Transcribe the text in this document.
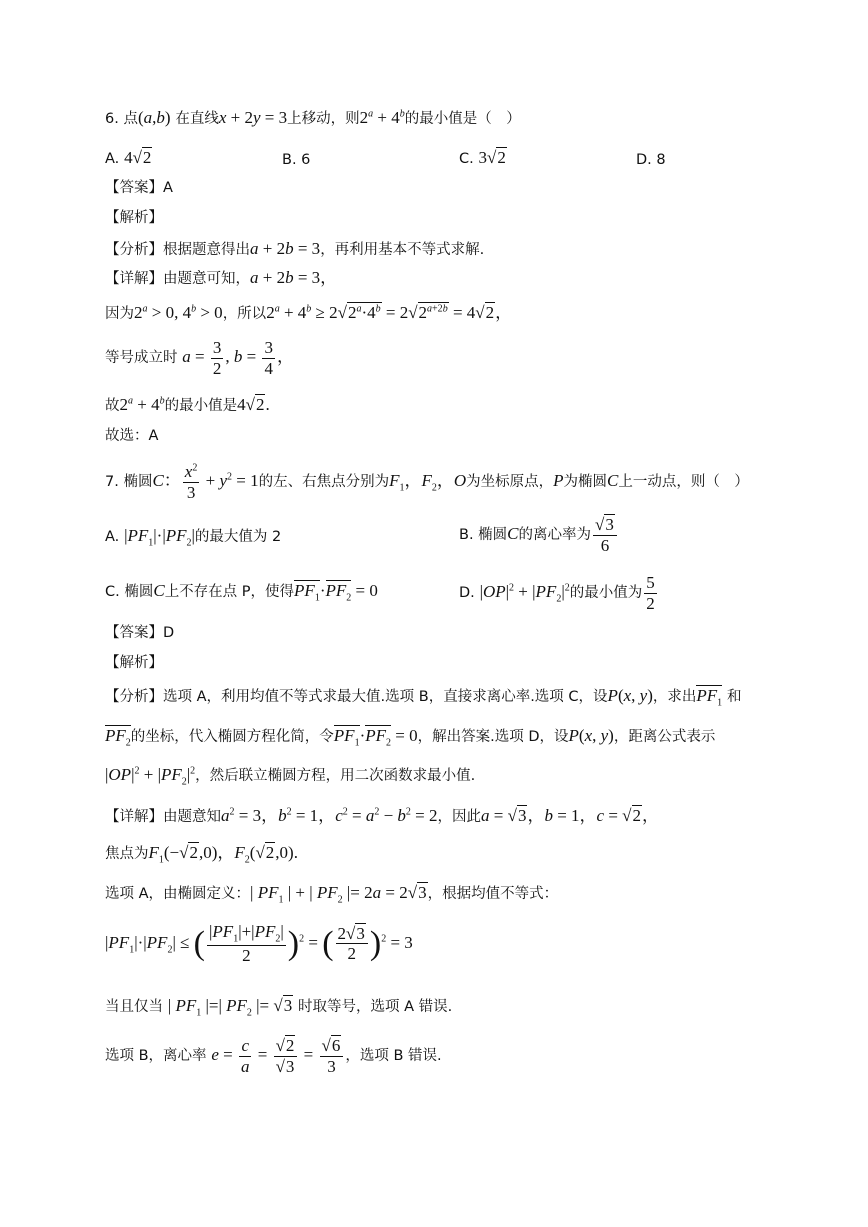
6. 点(a,b) 在直线x + 2y = 3上移动，则$2^a + 4^b$的最小值是（　）
A. 4√2	B. 6	C. 3√2	D. 8
【答案】A
【解析】
【分析】根据题意得出a + 2b = 3，再利用基本不等式求解.
【详解】由题意可知，a + 2b = 3，
因为$2^a > 0$, $4^b > 0$，所以$2^a + 4^b \ge 2√2^a\cdot 4^b = 2√2^{a+2b} = 4√2$，
等号成立时 $a = \frac{3}{2}$ , $b = \frac{3}{4}$ ，
故$2^a + 4^b$的最小值是4√2.
故选：A
7. 椭圆C： $\frac{x^2}{3} + y^2 = 1$的左、右焦点分别为$F_1$，$F_2$，O为坐标原点，P为椭圆C上一动点，则（　）
A. $|PF_1|\cdot|PF_2|$的最大值为 2	B. 椭圆C的离心率为 $\frac{√3}{6}$
C. 椭圆C上不存在点 P，使得$PF_1\cdot PF_2 = 0$	D. $|OP|^2 + |PF_2|^2$的最小值为 $\frac{5}{2}$
【答案】D
【解析】
【分析】选项 A，利用均值不等式求最大值.选项 B，直接求离心率.选项 C，设P(x, y)，求出$PF_1$ 和
$PF_2$的坐标，代入椭圆方程化简，令$PF_1\cdot PF_2 = 0$，解出答案.选项 D，设P(x, y)，距离公式表示
$|OP|^2 + |PF_2|^2$，然后联立椭圆方程，用二次函数求最小值.
【详解】由题意知$a^2 = 3$，$b^2 = 1$，$c^2 = a^2 - b^2 = 2$，因此a = √3，b = 1，c = √2，
焦点为$F_1(-√2,0)$，$F_2(√2,0)$.
选项 A，由椭圆定义：| $PF_1$ | + | $PF_2$ |= 2a = 2√3，根据均值不等式：
$|PF_1|\cdot|PF_2|$ ≤ ( $\frac{|PF_1|+|PF_2|}{2} )^2$ = ( $\frac{2√3}{2} )^2 = 3$
当且仅当 | $PF_1$ |=| $PF_2$ |= √3 时取等号，选项 A 错误.
选项 B，离心率 $e = \frac{c}{a} = \frac{√2}{√3} = \frac{√6}{3}$ ，选项 B 错误.
